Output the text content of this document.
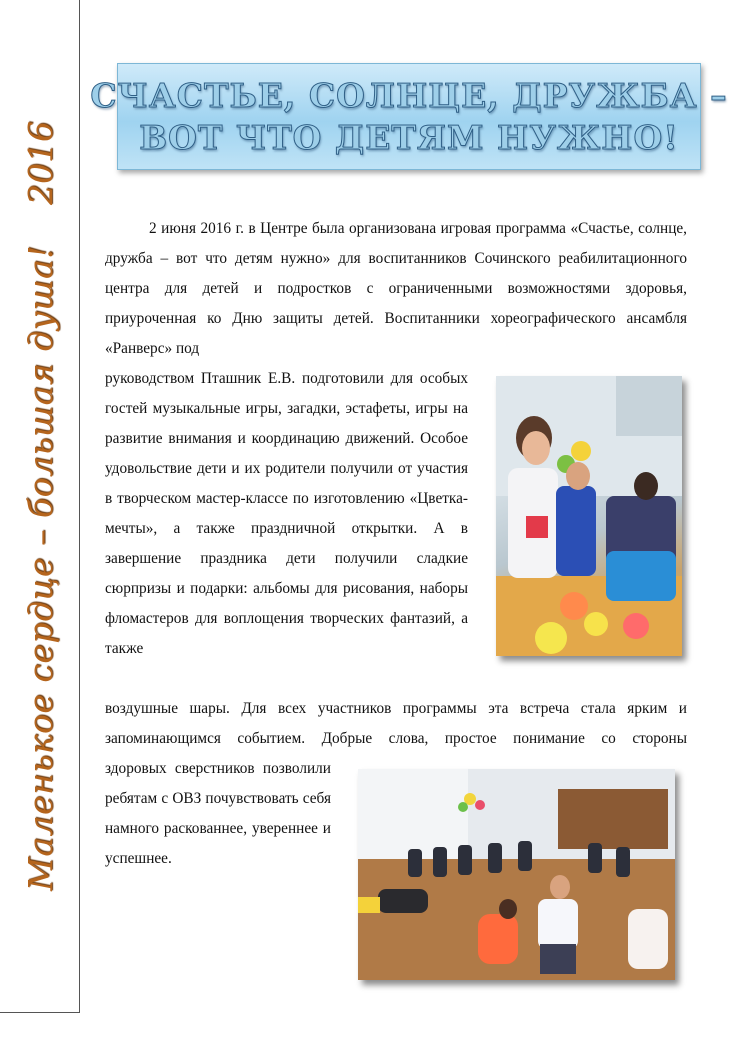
Маленькое сердце – большая душа!
2016
СЧАСТЬЕ, СОЛНЦЕ, ДРУЖБА –
ВОТ ЧТО ДЕТЯМ НУЖНО!

2 июня 2016 г. в Центре была организована игровая программа «Счастье, солнце, дружба – вот что детям нужно» для воспитанников Сочинского реабилитационного центра для детей и подростков с ограниченными возможностями здоровья, приуроченная ко Дню защиты детей. Воспитанники хореографического ансамбля «Ранверс» под

руководством Пташник Е.В. подготовили для особых гостей музыкальные игры, загадки, эстафеты, игры на развитие внимания и координацию движений. Особое удовольствие дети и их родители получили от участия в творческом мастер-классе по изготовлению «Цветка-мечты», а также праздничной открытки. А в завершение праздника дети получили сладкие сюрпризы и подарки: альбомы для рисования, наборы фломастеров для воплощения творческих фантазий, а также

воздушные шары. Для всех участников программы эта встреча стала ярким и запоминающимся событием. Добрые слова, простое понимание со стороны

здоровых сверстников позволили ребятам с ОВЗ почувствовать себя намного раскованнее, увереннее и успешнее.
